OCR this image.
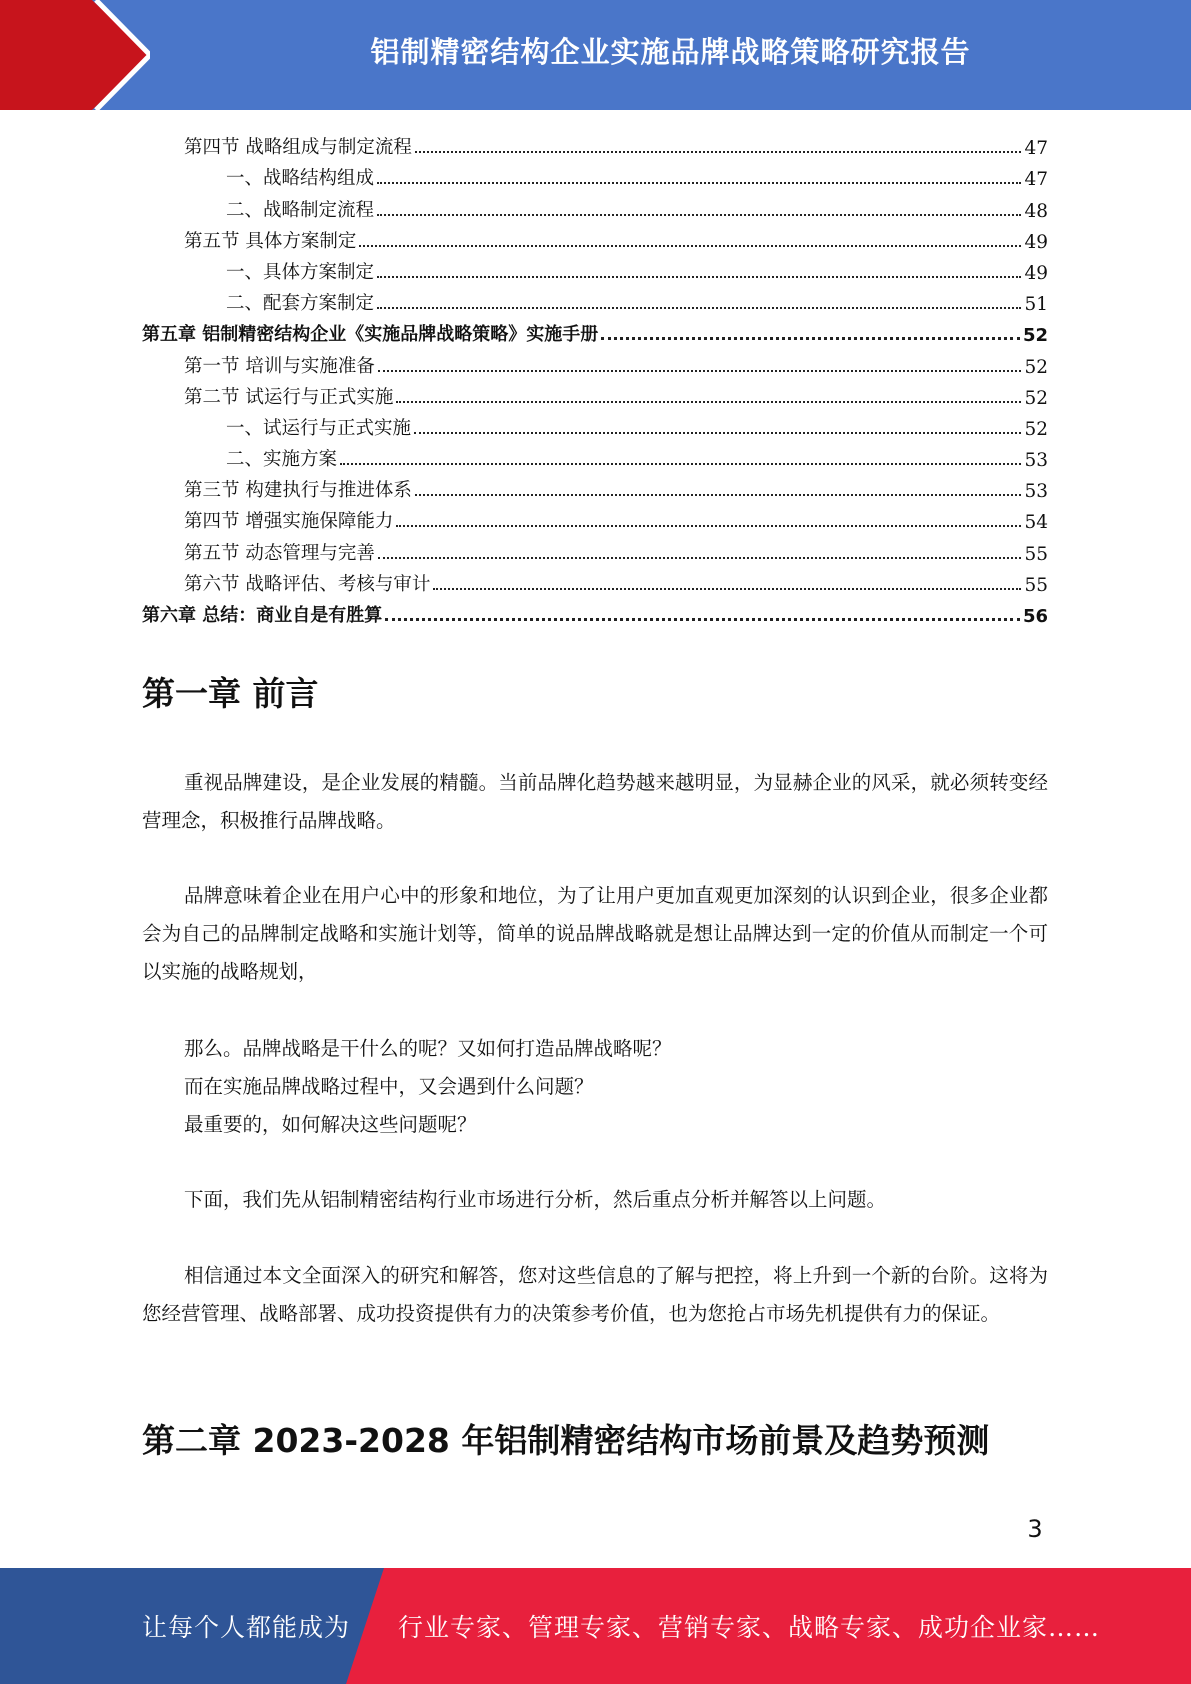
铝制精密结构企业实施品牌战略策略研究报告
第四节 战略组成与制定流程	47
一、战略结构组成	47
二、战略制定流程	48
第五节 具体方案制定	49
一、具体方案制定	49
二、配套方案制定	51
第五章 铝制精密结构企业《实施品牌战略策略》实施手册	52
第一节 培训与实施准备	52
第二节 试运行与正式实施	52
一、试运行与正式实施	52
二、实施方案	53
第三节 构建执行与推进体系	53
第四节 增强实施保障能力	54
第五节 动态管理与完善	55
第六节 战略评估、考核与审计	55
第六章 总结：商业自是有胜算	56
第一章 前言

重视品牌建设，是企业发展的精髓。当前品牌化趋势越来越明显，为显赫企业的风采，就必须转变经营理念，积极推行品牌战略。

品牌意味着企业在用户心中的形象和地位，为了让用户更加直观更加深刻的认识到企业，很多企业都会为自己的品牌制定战略和实施计划等，简单的说品牌战略就是想让品牌达到一定的价值从而制定一个可以实施的战略规划，

那么。品牌战略是干什么的呢？又如何打造品牌战略呢？
而在实施品牌战略过程中，又会遇到什么问题？
最重要的，如何解决这些问题呢？

下面，我们先从铝制精密结构行业市场进行分析，然后重点分析并解答以上问题。

相信通过本文全面深入的研究和解答，您对这些信息的了解与把控，将上升到一个新的台阶。这将为您经营管理、战略部署、成功投资提供有力的决策参考价值，也为您抢占市场先机提供有力的保证。

第二章 2023-2028 年铝制精密结构市场前景及趋势预测
3
让每个人都能成为 行业专家、管理专家、营销专家、战略专家、成功企业家……
